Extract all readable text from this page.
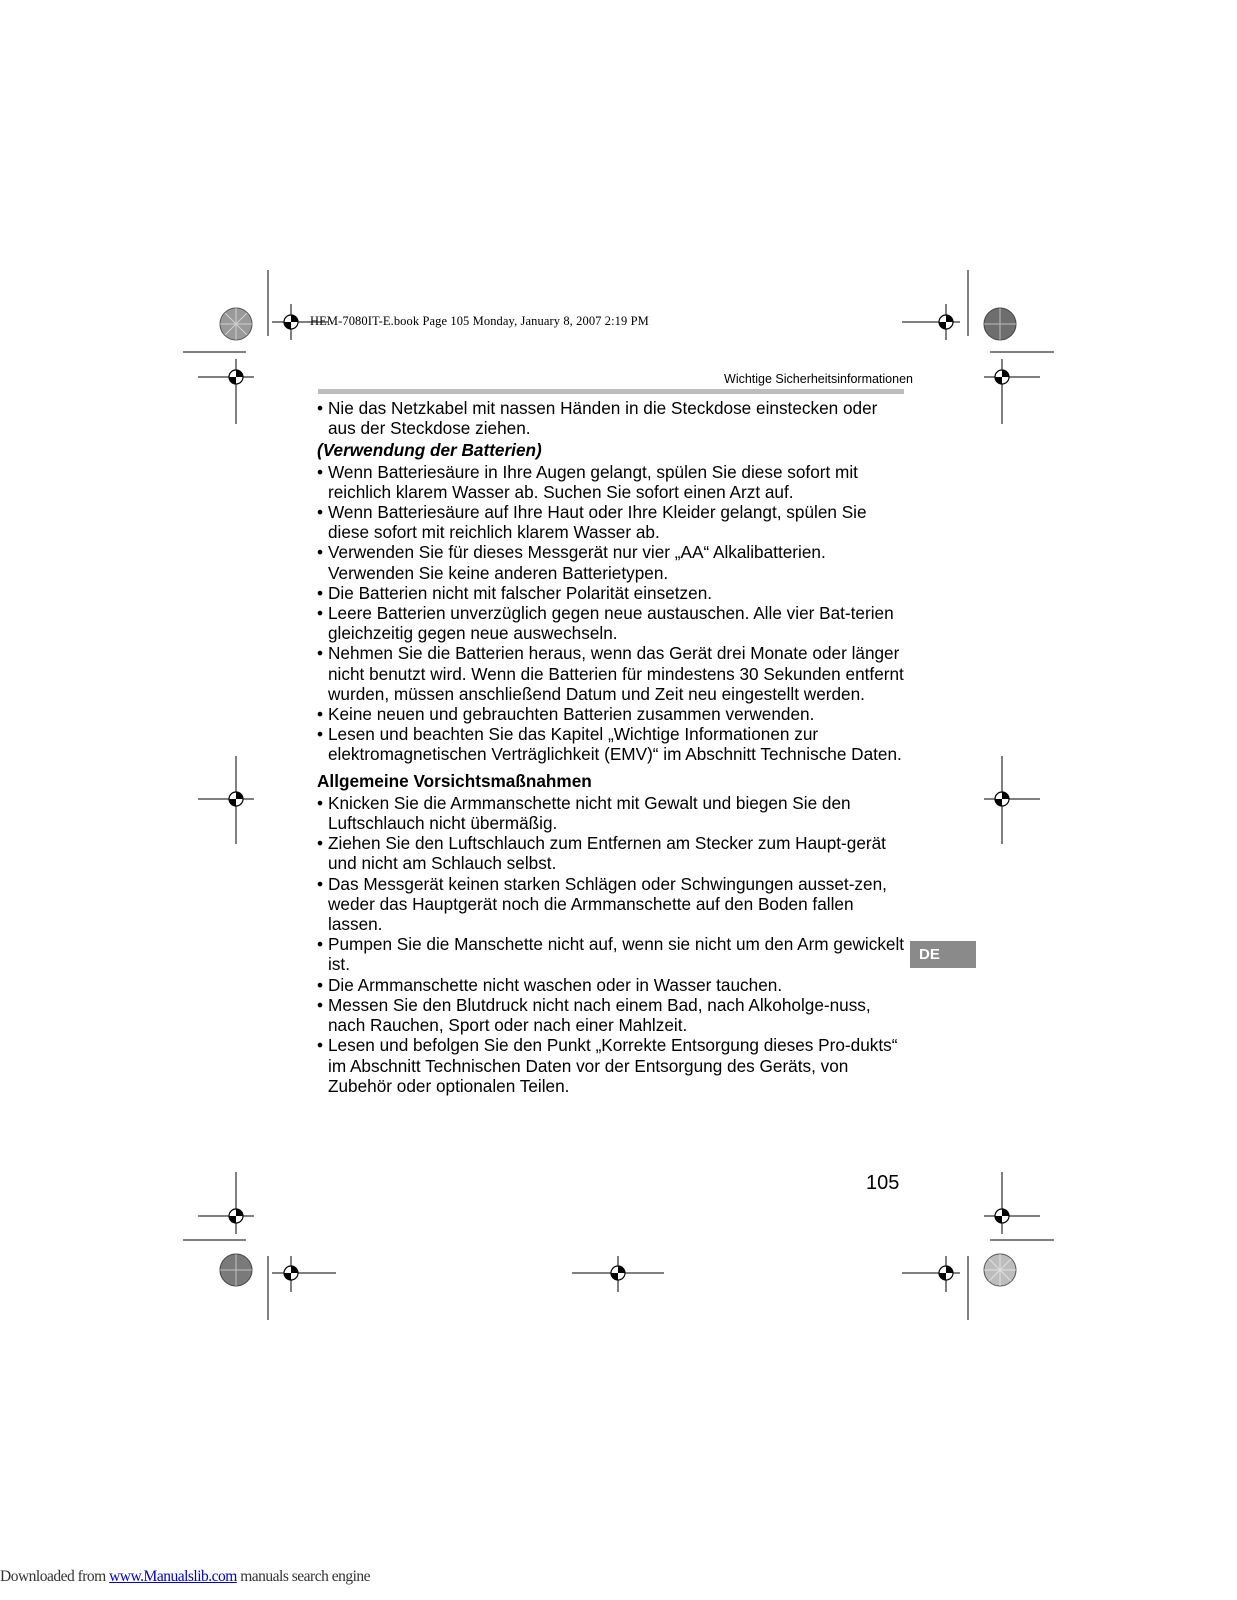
HEM-7080IT-E.book Page 105 Monday, January 8, 2007 2:19 PM
Wichtige Sicherheitsinformationen
• Nie das Netzkabel mit nassen Händen in die Steckdose einstecken oder aus der Steckdose ziehen.
(Verwendung der Batterien)
• Wenn Batteriesäure in Ihre Augen gelangt, spülen Sie diese sofort mit reichlich klarem Wasser ab. Suchen Sie sofort einen Arzt auf.
• Wenn Batteriesäure auf Ihre Haut oder Ihre Kleider gelangt, spülen Sie diese sofort mit reichlich klarem Wasser ab.
• Verwenden Sie für dieses Messgerät nur vier „AA“ Alkalibatterien. Verwenden Sie keine anderen Batterietypen.
• Die Batterien nicht mit falscher Polarität einsetzen.
• Leere Batterien unverzüglich gegen neue austauschen. Alle vier Bat-terien gleichzeitig gegen neue auswechseln.
• Nehmen Sie die Batterien heraus, wenn das Gerät drei Monate oder länger nicht benutzt wird. Wenn die Batterien für mindestens 30 Sekunden entfernt wurden, müssen anschließend Datum und Zeit neu eingestellt werden.
• Keine neuen und gebrauchten Batterien zusammen verwenden.
• Lesen und beachten Sie das Kapitel „Wichtige Informationen zur elektromagnetischen Verträglichkeit (EMV)“ im Abschnitt Technische Daten.
Allgemeine Vorsichtsmaßnahmen
• Knicken Sie die Armmanschette nicht mit Gewalt und biegen Sie den Luftschlauch nicht übermäßig.
• Ziehen Sie den Luftschlauch zum Entfernen am Stecker zum Haupt-gerät und nicht am Schlauch selbst.
• Das Messgerät keinen starken Schlägen oder Schwingungen ausset-zen, weder das Hauptgerät noch die Armmanschette auf den Boden fallen lassen.
• Pumpen Sie die Manschette nicht auf, wenn sie nicht um den Arm gewickelt ist.
• Die Armmanschette nicht waschen oder in Wasser tauchen.
• Messen Sie den Blutdruck nicht nach einem Bad, nach Alkoholge-nuss, nach Rauchen, Sport oder nach einer Mahlzeit.
• Lesen und befolgen Sie den Punkt „Korrekte Entsorgung dieses Pro-dukts“ im Abschnitt Technischen Daten vor der Entsorgung des Geräts, von Zubehör oder optionalen Teilen.
DE
105
Downloaded from www.Manualslib.com manuals search engine
